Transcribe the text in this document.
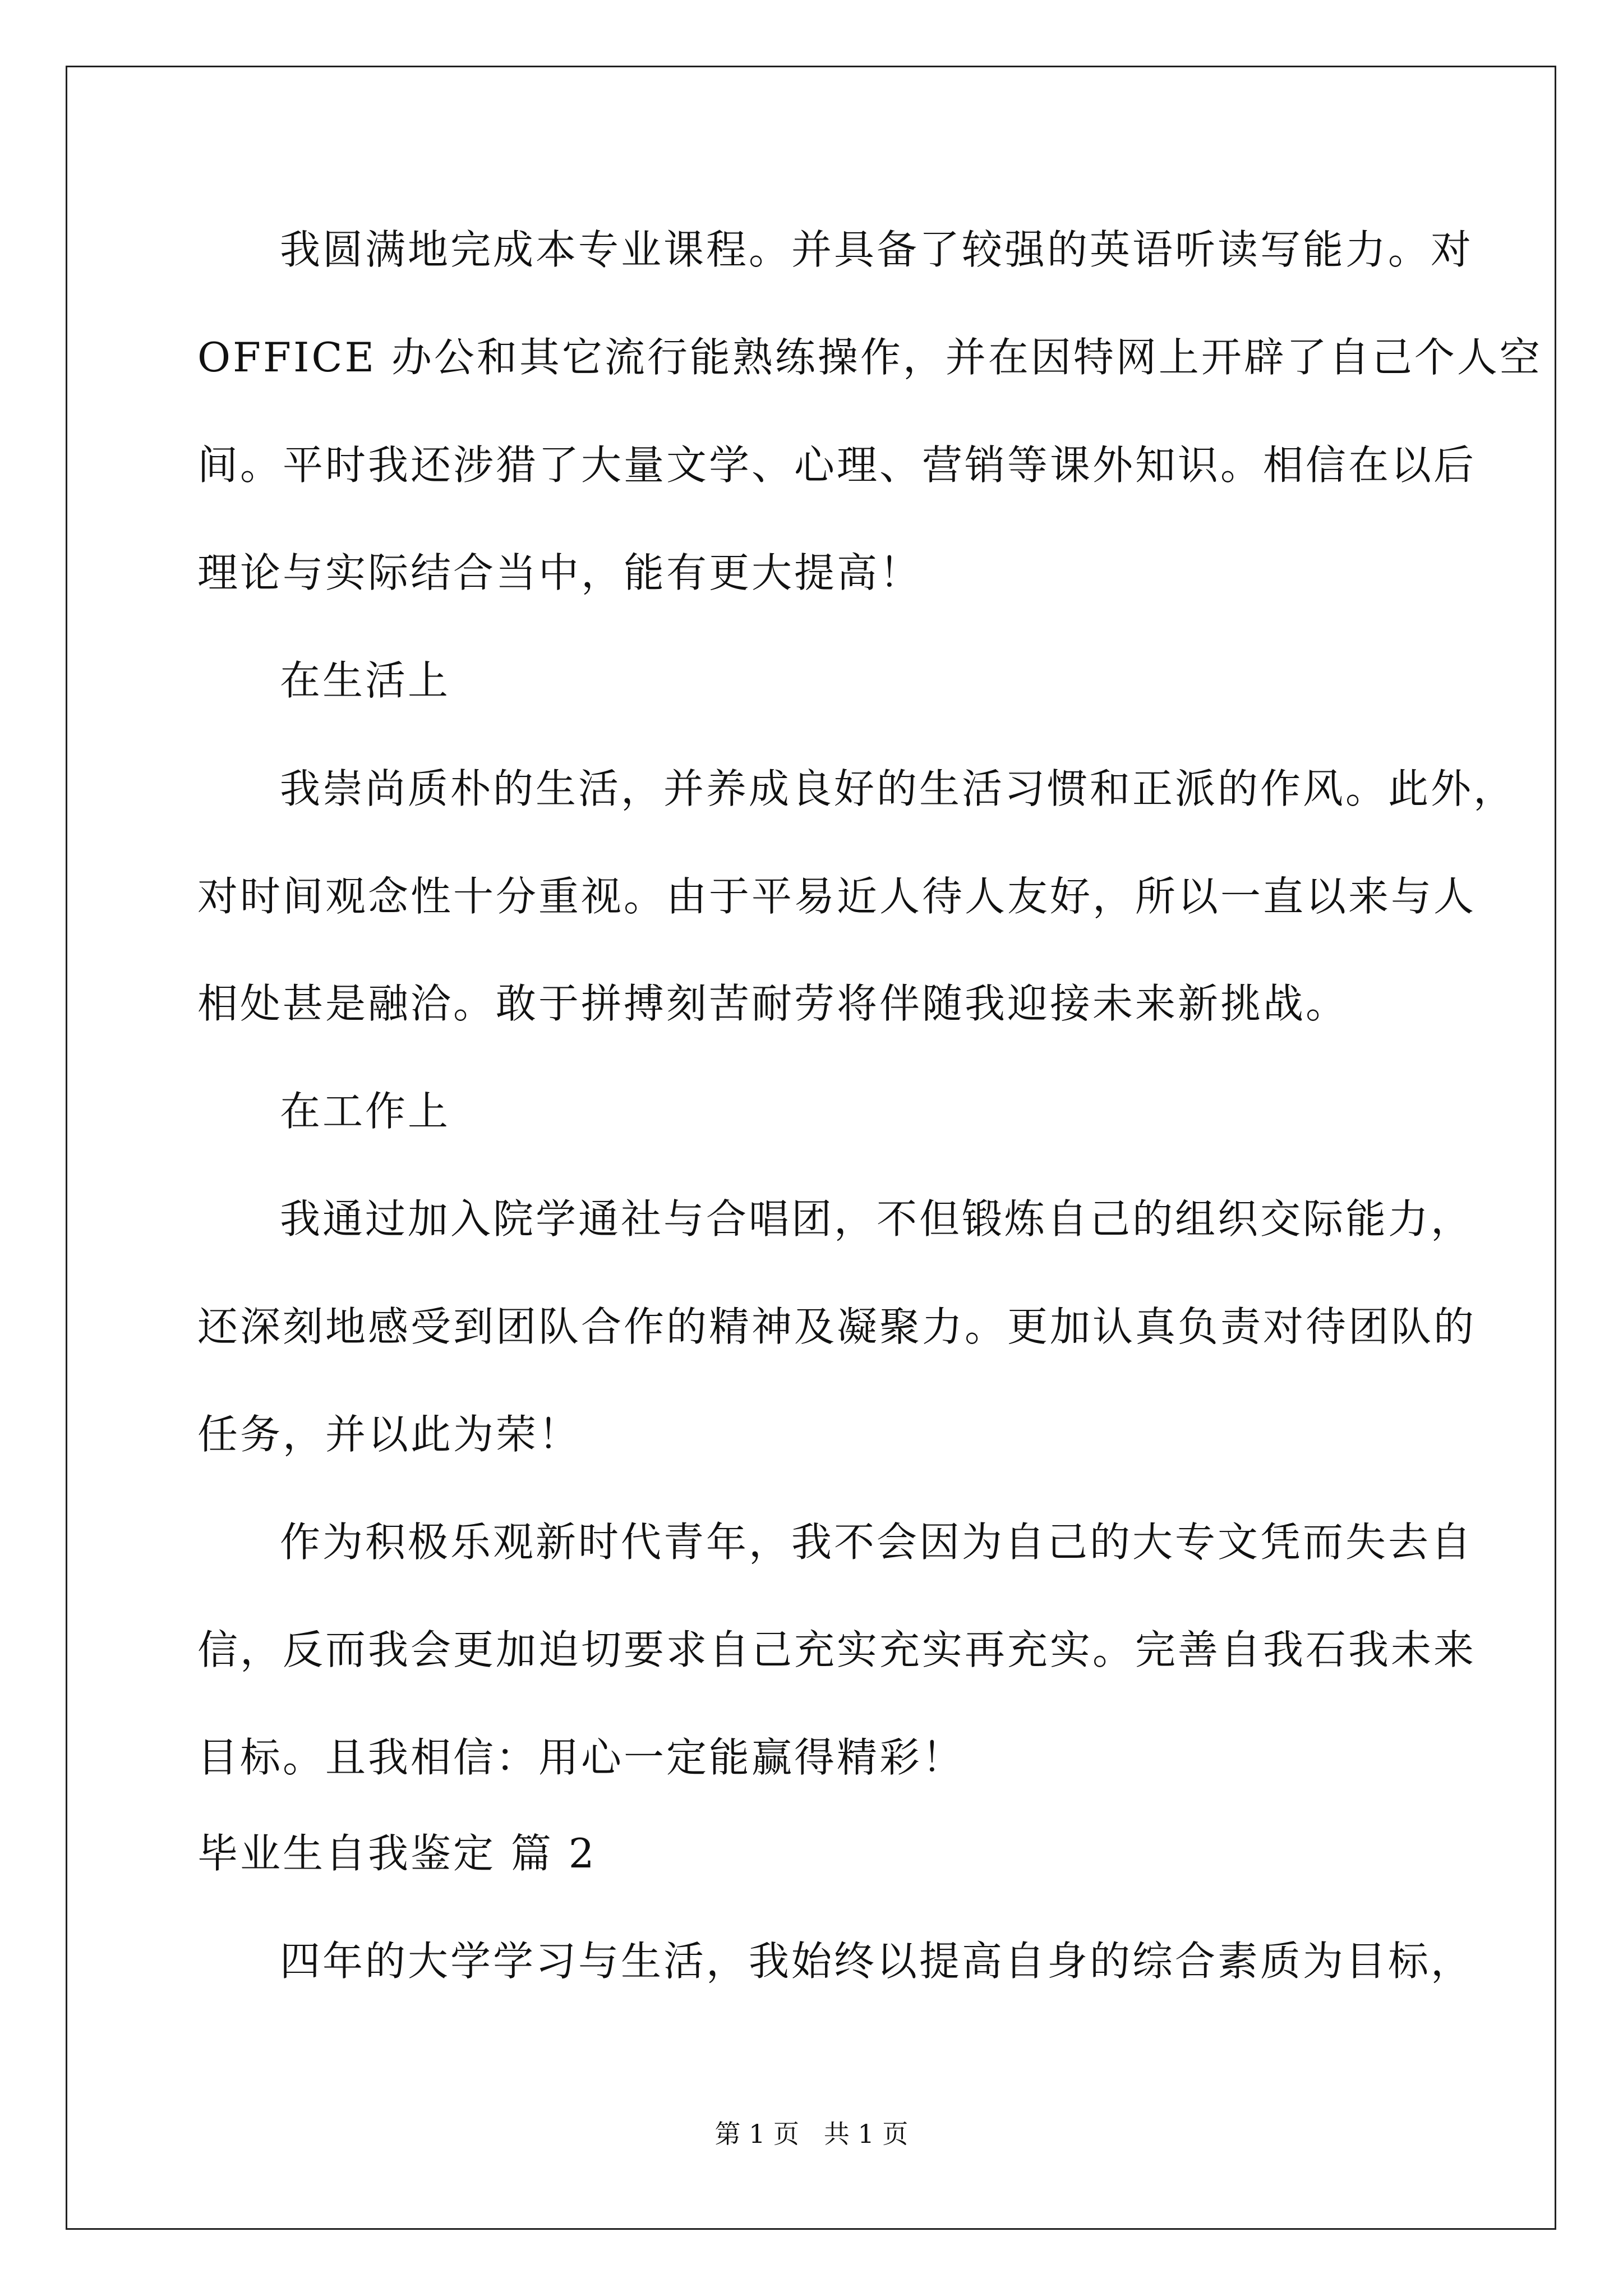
我圆满地完成本专业课程。并具备了较强的英语听读写能力。对
OFFICE 办公和其它流行能熟练操作，并在因特网上开辟了自己个人空
间。平时我还涉猎了大量文学、心理、营销等课外知识。相信在以后
理论与实际结合当中，能有更大提高！
在生活上
我崇尚质朴的生活，并养成良好的生活习惯和正派的作风。此外，
对时间观念性十分重视。由于平易近人待人友好，所以一直以来与人
相处甚是融洽。敢于拼搏刻苦耐劳将伴随我迎接未来新挑战。
在工作上
我通过加入院学通社与合唱团，不但锻炼自己的组织交际能力，
还深刻地感受到团队合作的精神及凝聚力。更加认真负责对待团队的
任务，并以此为荣！
作为积极乐观新时代青年，我不会因为自己的大专文凭而失去自
信，反而我会更加迫切要求自己充实充实再充实。完善自我石我未来
目标。且我相信：用心一定能赢得精彩！
毕业生自我鉴定 篇 2
四年的大学学习与生活，我始终以提高自身的综合素质为目标，
第 1 页   共 1 页
